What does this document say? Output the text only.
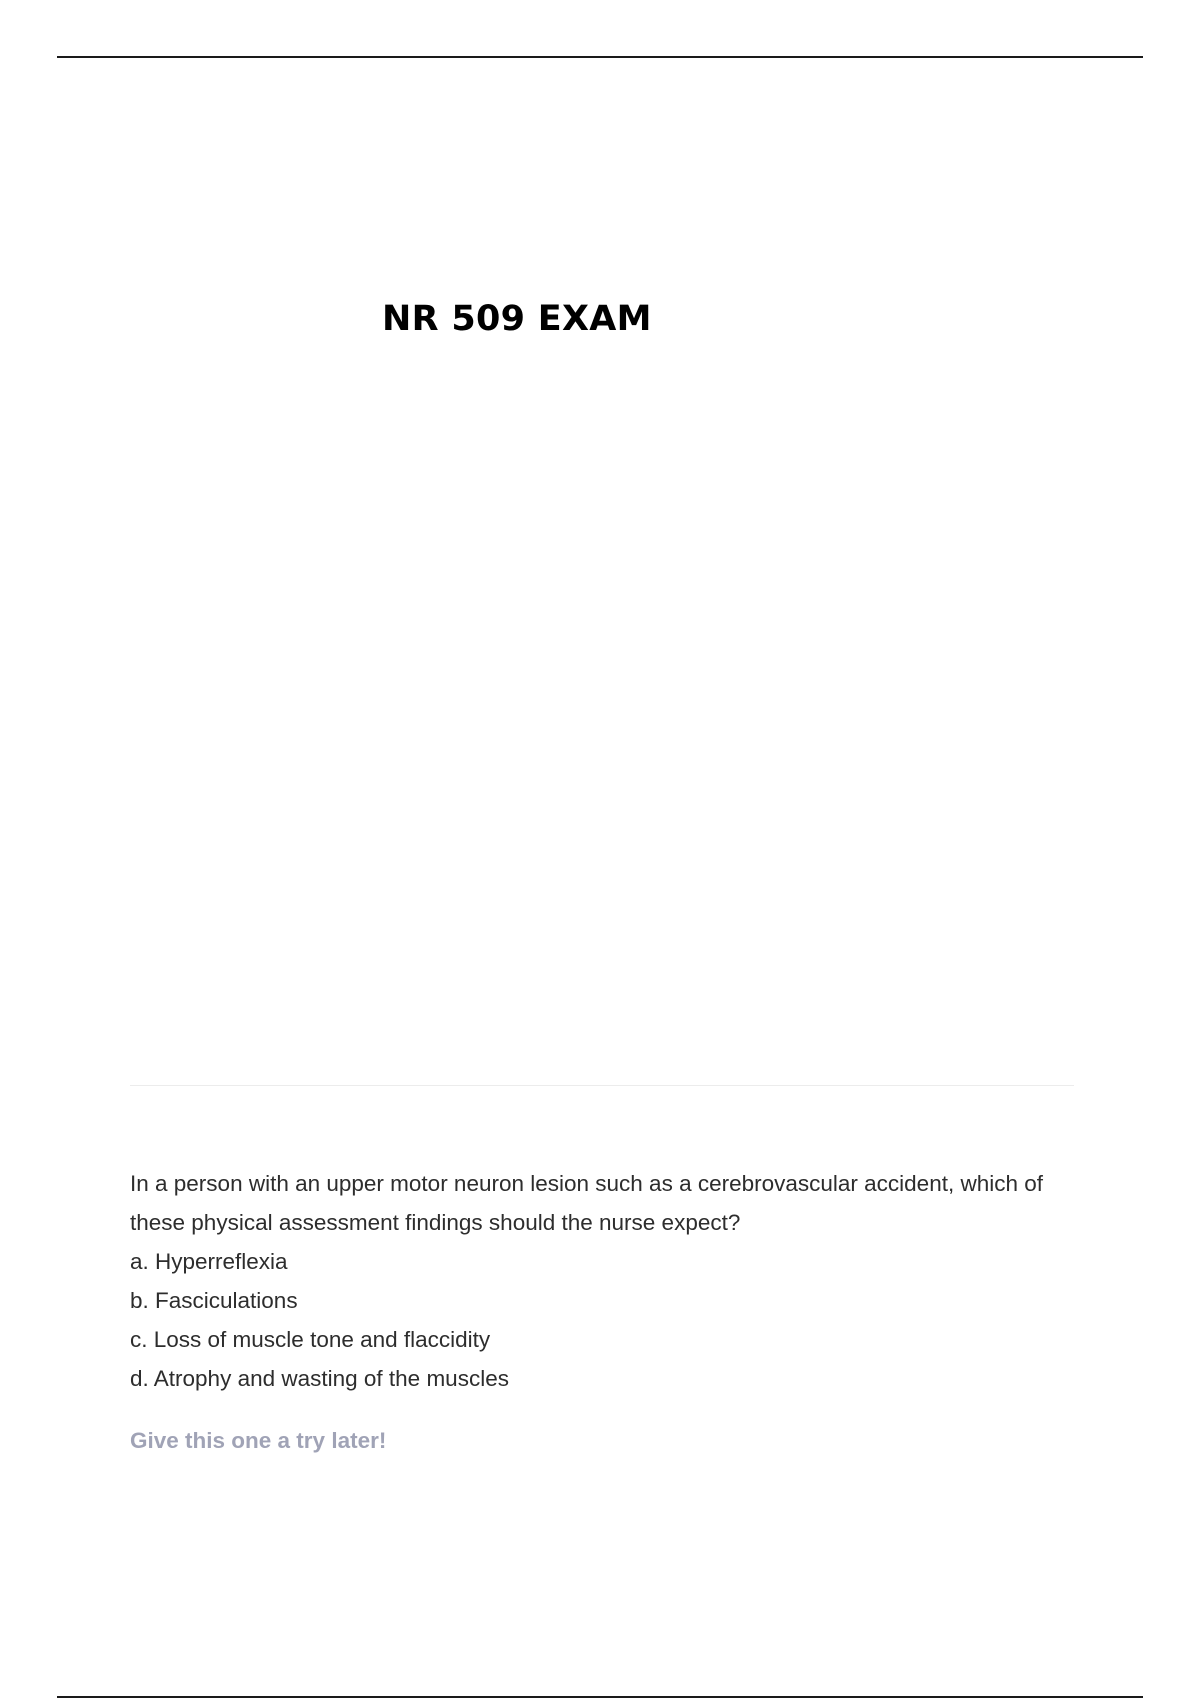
NR 509 EXAM

In a person with an upper motor neuron lesion such as a cerebrovascular accident, which of these physical assessment findings should the nurse expect?

a. Hyperreflexia
b. Fasciculations
c. Loss of muscle tone and flaccidity
d. Atrophy and wasting of the muscles
Give this one a try later!
